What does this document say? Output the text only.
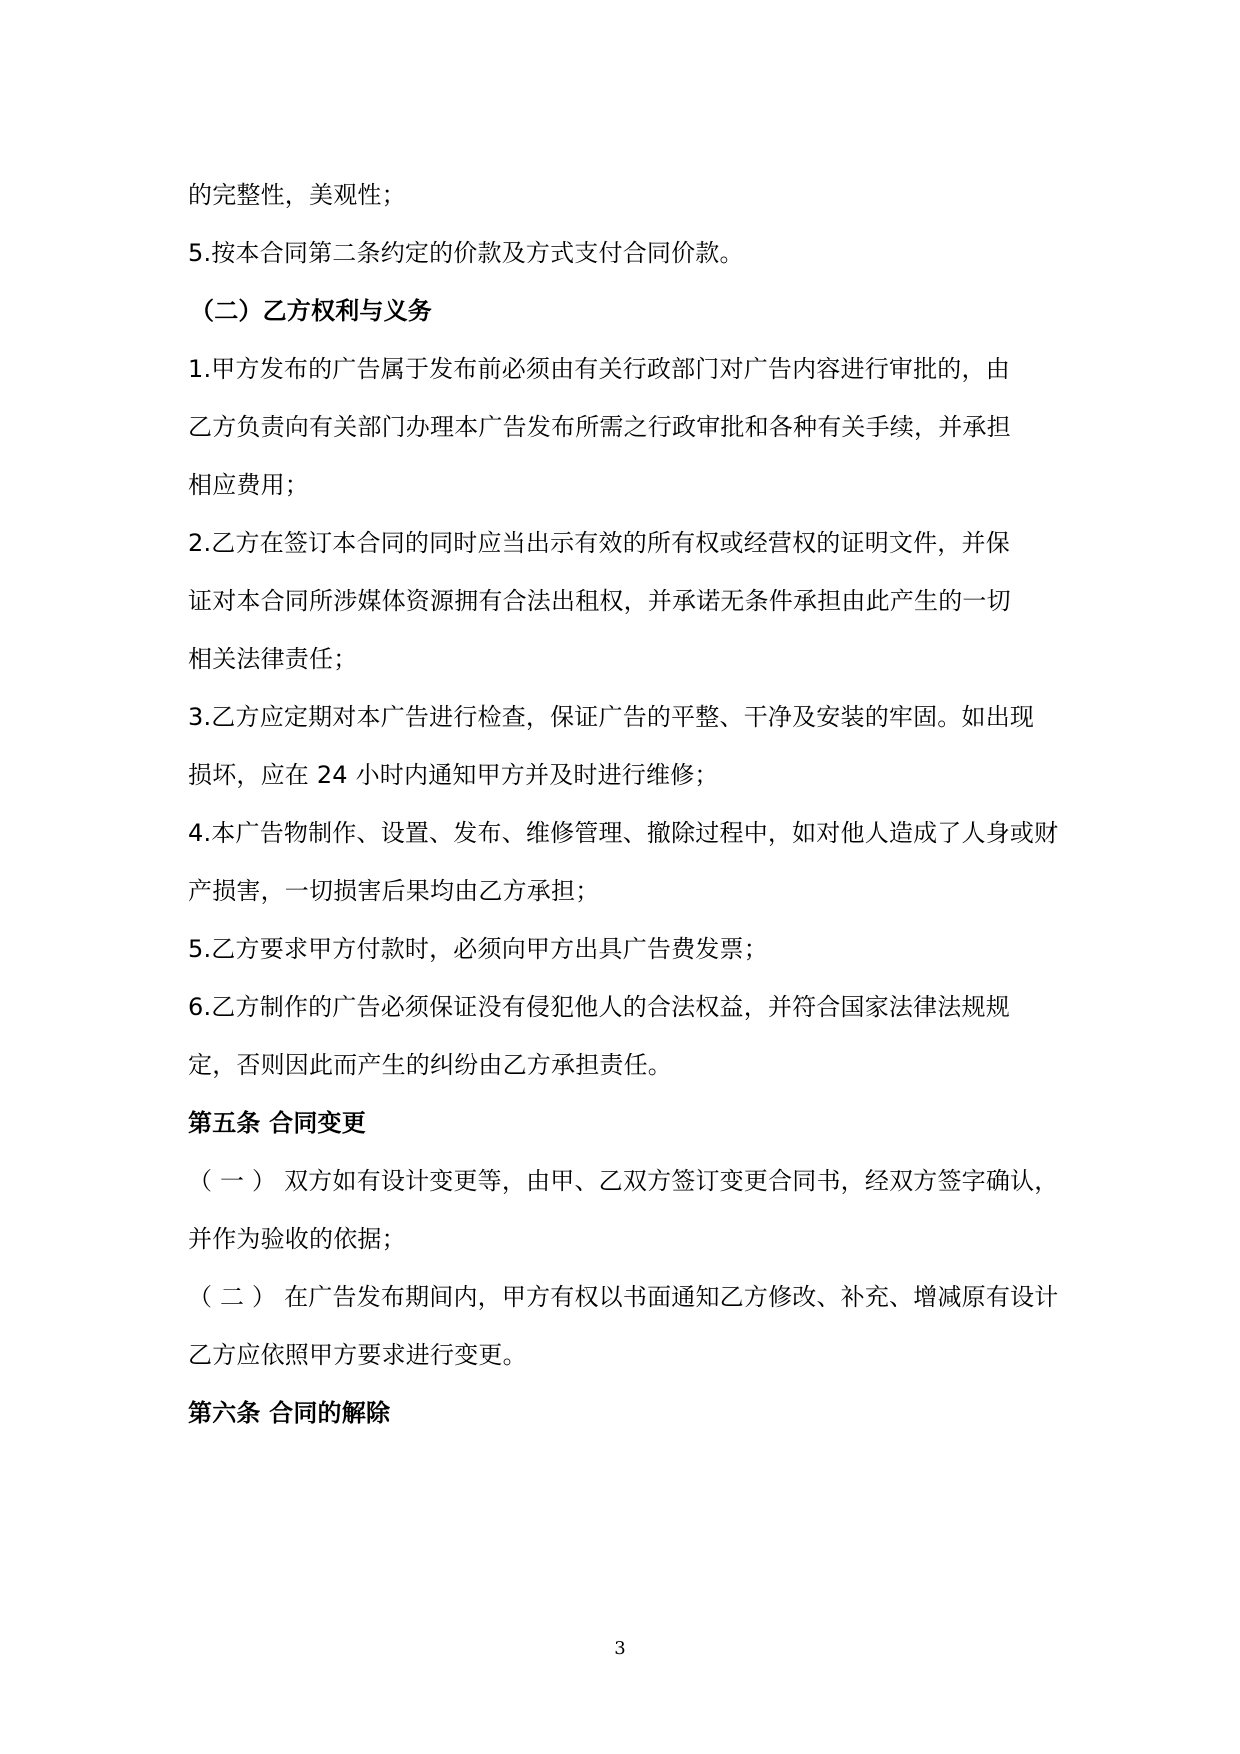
的完整性，美观性；
5.按本合同第二条约定的价款及方式支付合同价款。
（二）乙方权利与义务
1.甲方发布的广告属于发布前必须由有关行政部门对广告内容进行审批的，由
乙方负责向有关部门办理本广告发布所需之行政审批和各种有关手续，并承担
相应费用；
2.乙方在签订本合同的同时应当出示有效的所有权或经营权的证明文件，并保
证对本合同所涉媒体资源拥有合法出租权，并承诺无条件承担由此产生的一切
相关法律责任；
3.乙方应定期对本广告进行检查，保证广告的平整、干净及安装的牢固。如出现
损坏，应在 24 小时内通知甲方并及时进行维修；
4.本广告物制作、设置、发布、维修管理、撤除过程中，如对他人造成了人身或财
产损害，一切损害后果均由乙方承担；
5.乙方要求甲方付款时，必须向甲方出具广告费发票；
6.乙方制作的广告必须保证没有侵犯他人的合法权益，并符合国家法律法规规
定，否则因此而产生的纠纷由乙方承担责任。
第五条 合同变更
（ 一 ） 双方如有设计变更等，由甲、乙双方签订变更合同书，经双方签字确认，
并作为验收的依据；
（ 二 ） 在广告发布期间内，甲方有权以书面通知乙方修改、补充、增减原有设计
乙方应依照甲方要求进行变更。
第六条 合同的解除
3
